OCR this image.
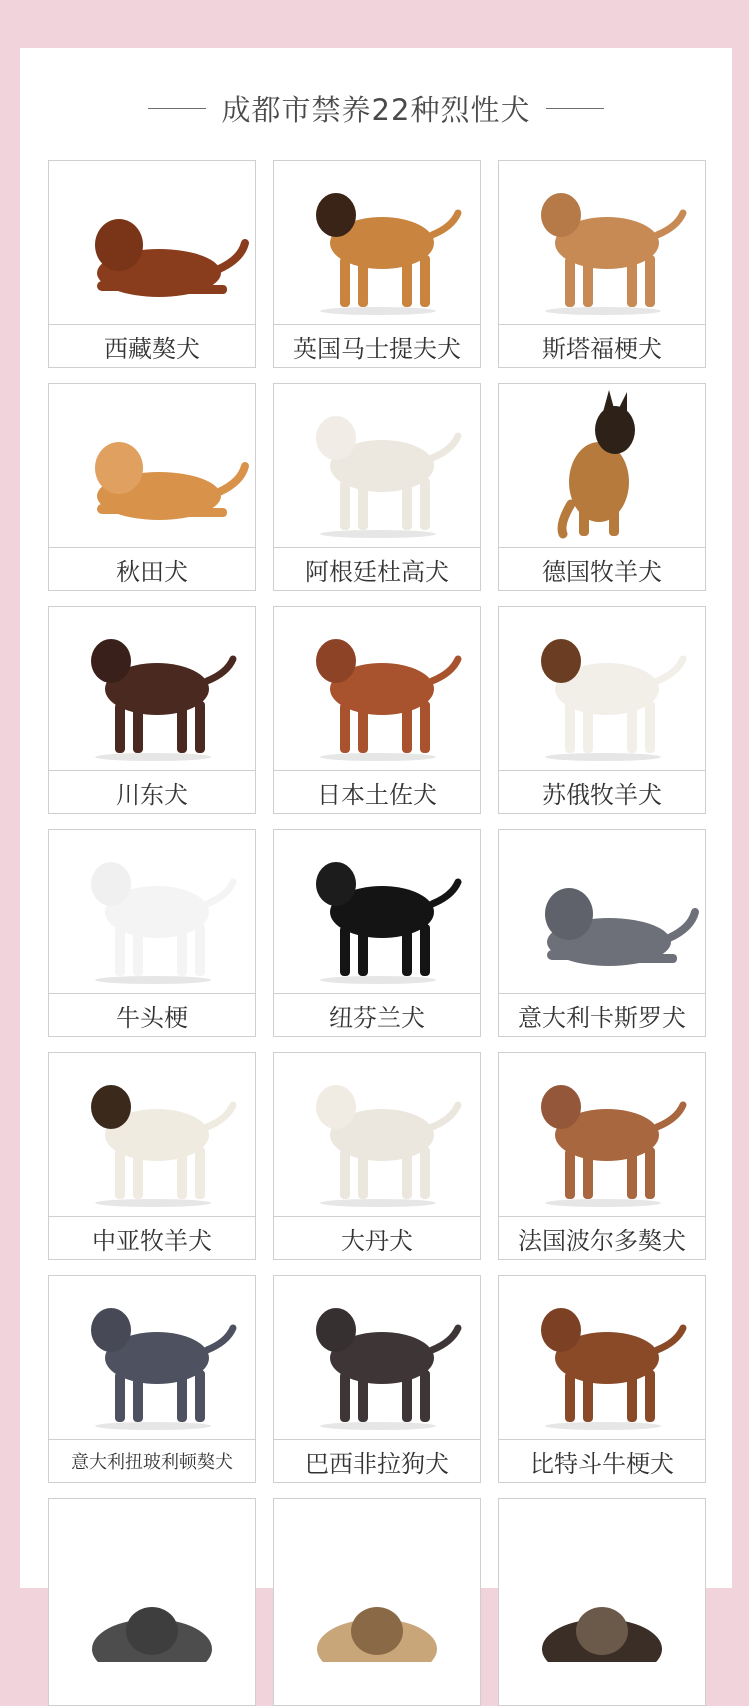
成都市禁养22种烈性犬
西藏獒犬	英国马士提夫犬	斯塔福梗犬
秋田犬	阿根廷杜高犬	德国牧羊犬
川东犬	日本土佐犬	苏俄牧羊犬
牛头梗	纽芬兰犬	意大利卡斯罗犬
中亚牧羊犬	大丹犬	法国波尔多獒犬
意大利扭玻利顿獒犬	巴西非拉狗犬	比特斗牛梗犬
